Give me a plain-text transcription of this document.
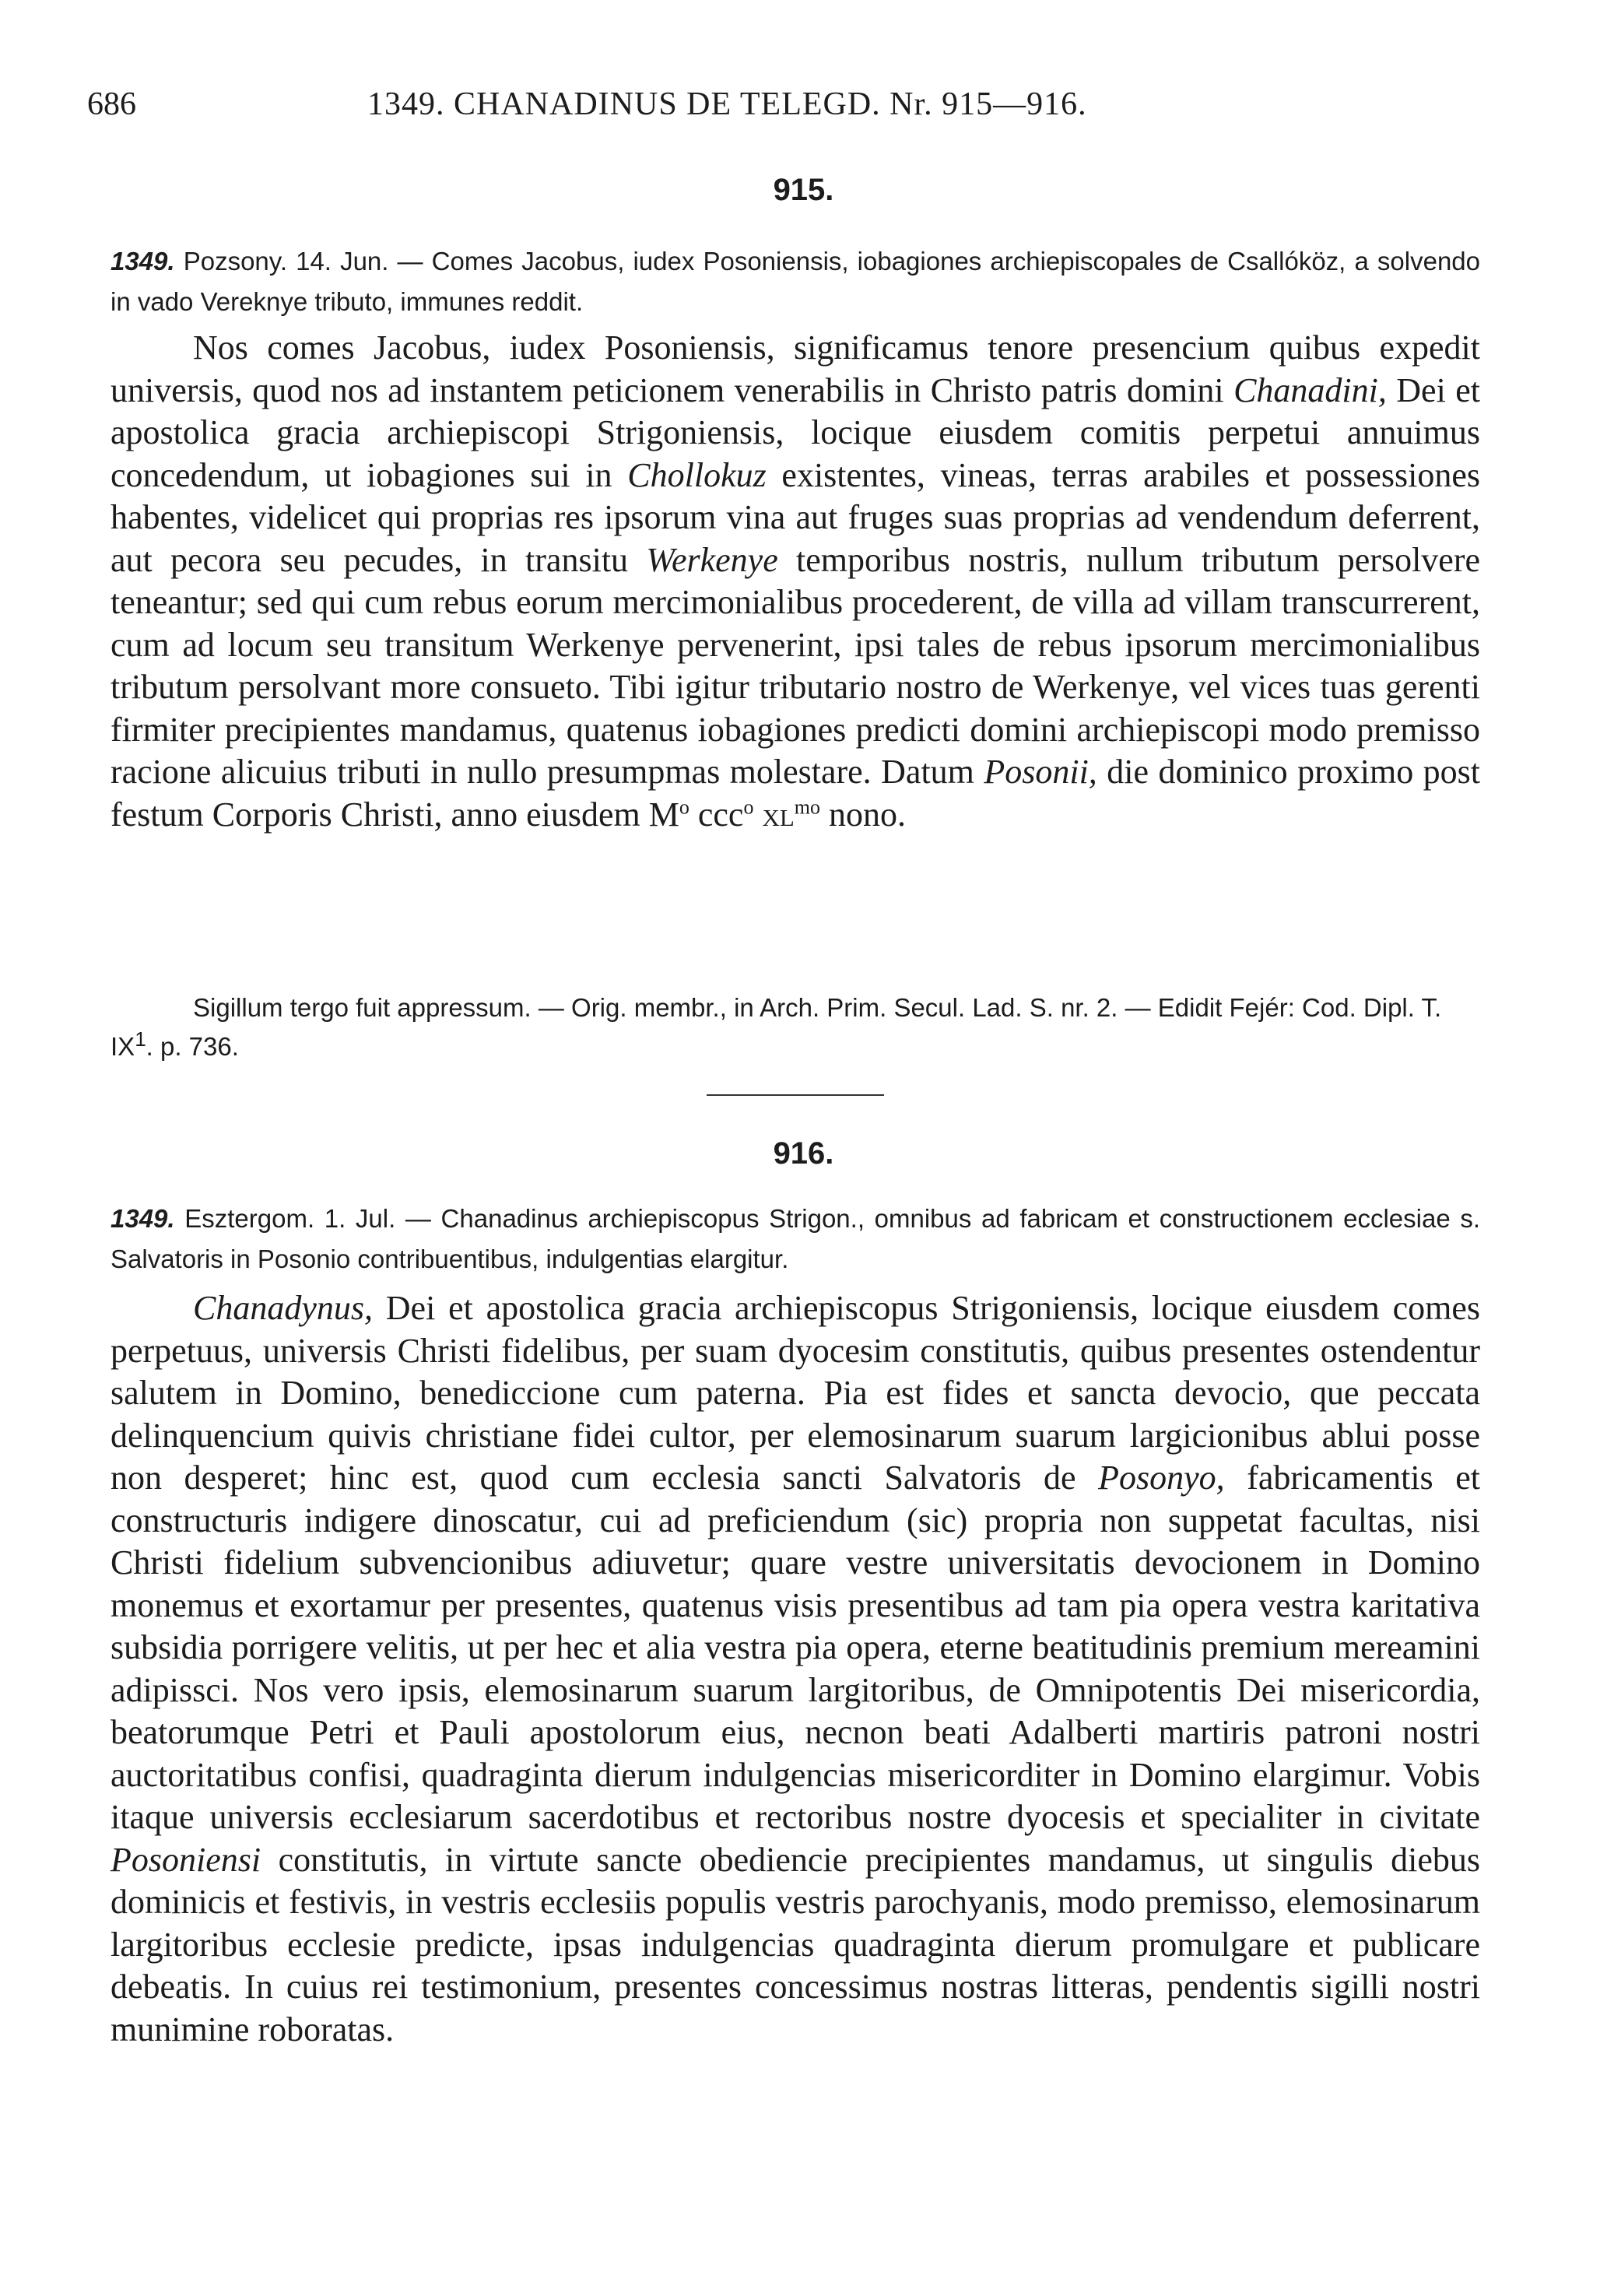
686	1349. CHANADINUS DE TELEGD. Nr. 915—916.
915.
1349. Pozsony. 14. Jun. — Comes Jacobus, iudex Posoniensis, iobagiones archiepiscopales de Csallóköz, a solvendo in vado Vereknye tributo, immunes reddit.
Nos comes Jacobus, iudex Posoniensis, significamus tenore presencium quibus expedit universis, quod nos ad instantem peticionem venerabilis in Christo patris domini Chanadini, Dei et apostolica gracia archiepiscopi Strigoniensis, locique eiusdem comitis perpetui annuimus concedendum, ut iobagiones sui in Chollokuz existentes, vineas, terras arabiles et possessiones habentes, videlicet qui proprias res ipsorum vina aut fruges suas proprias ad vendendum deferrent, aut pecora seu pecudes, in transitu Werkenye temporibus nostris, nullum tributum persolvere teneantur; sed qui cum rebus eorum mercimonialibus procederent, de villa ad villam transcurrerent, cum ad locum seu transitum Werkenye pervenerint, ipsi tales de rebus ipsorum mercimonialibus tributum persolvant more consueto. Tibi igitur tributario nostro de Werkenye, vel vices tuas gerenti firmiter precipientes mandamus, quatenus iobagiones predicti domini archiepiscopi modo premisso racione alicuius tributi in nullo presumpmas molestare. Datum Posonii, die dominico proximo post festum Corporis Christi, anno eiusdem $M^o$ ccc$^o$ $xl^{mo}$ nono.
Sigillum tergo fuit appressum. — Orig. membr., in Arch. Prim. Secul. Lad. S. nr. 2. — Edidit Fejér: Cod. Dipl. T. $IX^1$. p. 736.
916.
1349. Esztergom. 1. Jul. — Chanadinus archiepiscopus Strigon., omnibus ad fabricam et constructionem ecclesiae s. Salvatoris in Posonio contribuentibus, indulgentias elargitur.
Chanadynus, Dei et apostolica gracia archiepiscopus Strigoniensis, locique eiusdem comes perpetuus, universis Christi fidelibus, per suam dyocesim constitutis, quibus presentes ostendentur salutem in Domino, benediccione cum paterna. Pia est fides et sancta devocio, que peccata delinquencium quivis christiane fidei cultor, per elemosinarum suarum largicionibus ablui posse non desperet; hinc est, quod cum ecclesia sancti Salvatoris de Posonyo, fabricamentis et constructuris indigere dinoscatur, cui ad preficiendum (sic) propria non suppetat facultas, nisi Christi fidelium subvencionibus adiuvetur; quare vestre universitatis devocionem in Domino monemus et exortamur per presentes, quatenus visis presentibus ad tam pia opera vestra karitativa subsidia porrigere velitis, ut per hec et alia vestra pia opera, eterne beatitudinis premium mereamini adipissci. Nos vero ipsis, elemosinarum suarum largitoribus, de Omnipotentis Dei misericordia, beatorumque Petri et Pauli apostolorum eius, necnon beati Adalberti martiris patroni nostri auctoritatibus confisi, quadraginta dierum indulgencias misericorditer in Domino elargimur. Vobis itaque universis ecclesiarum sacerdotibus et rectoribus nostre dyocesis et specialiter in civitate Posoniensi constitutis, in virtute sancte obediencie precipientes mandamus, ut singulis diebus dominicis et festivis, in vestris ecclesiis populis vestris parochyanis, modo premisso, elemosinarum largitoribus ecclesie predicte, ipsas indulgencias quadraginta dierum promulgare et publicare debeatis. In cuius rei testimonium, presentes concessimus nostras litteras, pendentis sigilli nostri munimine roboratas.
